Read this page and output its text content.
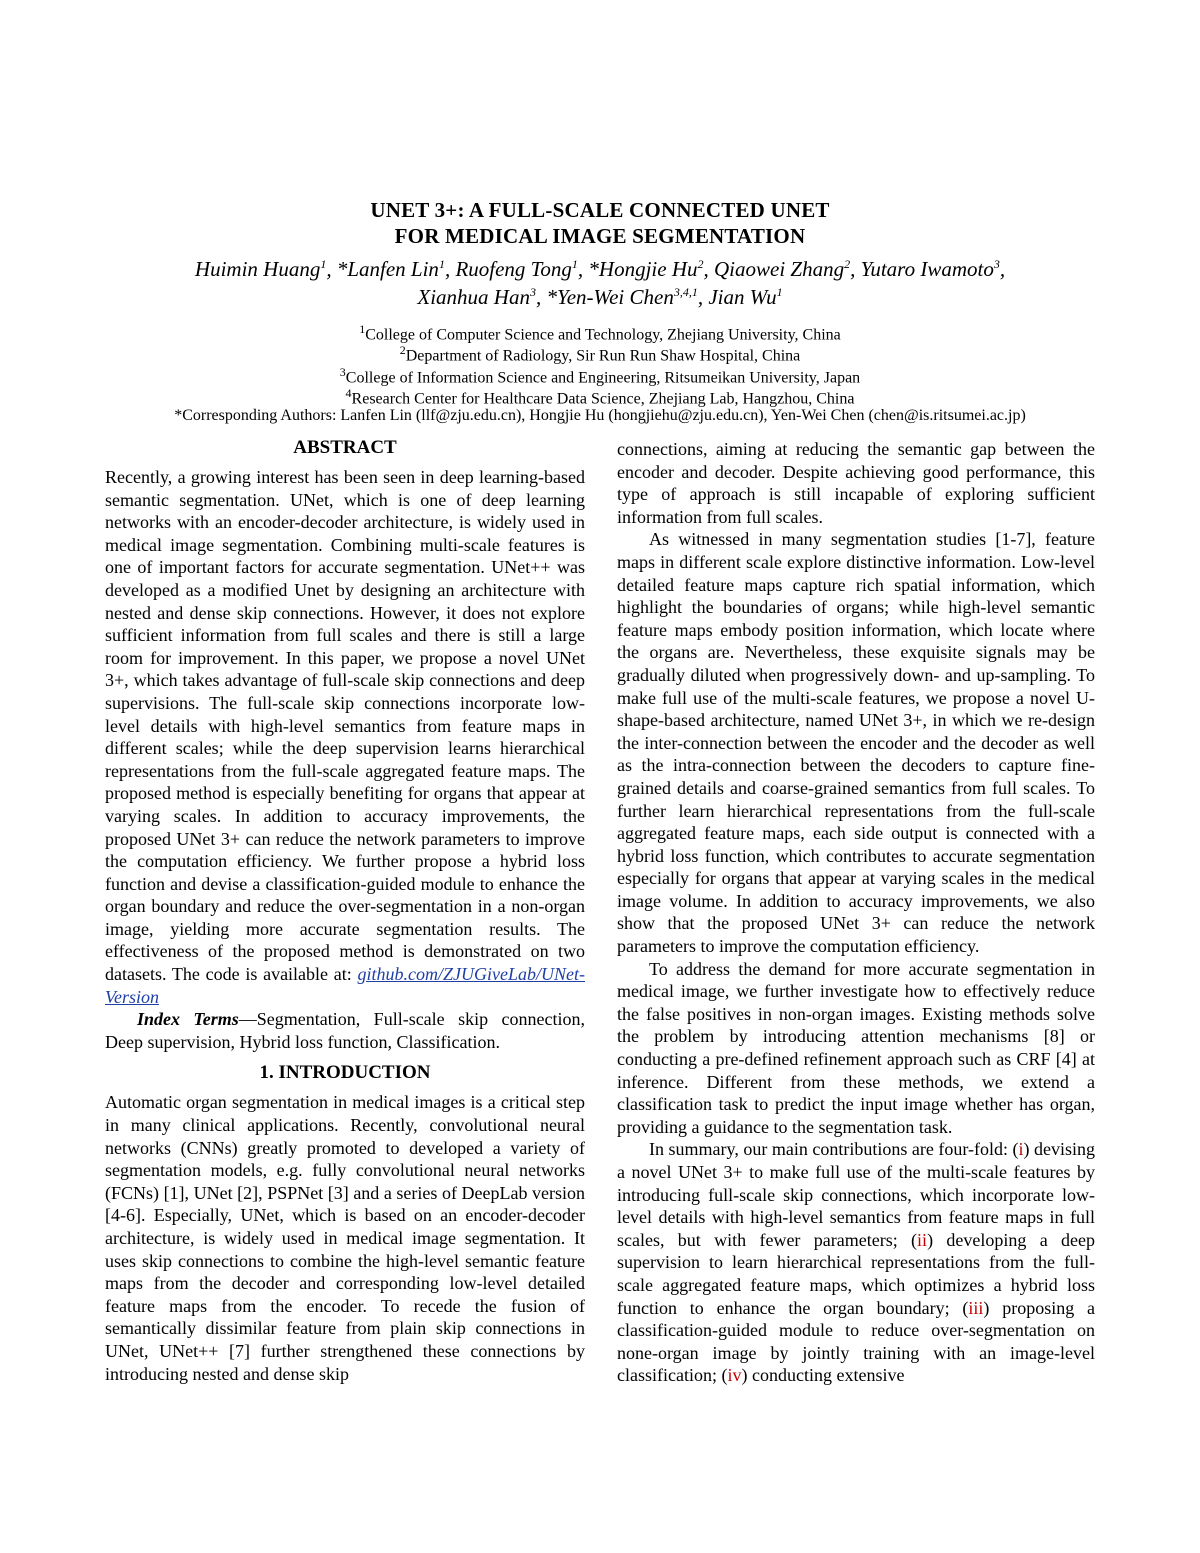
UNET 3+: A FULL-SCALE CONNECTED UNET
FOR MEDICAL IMAGE SEGMENTATION
Huimin Huang$^1$, *Lanfen Lin$^1$, Ruofeng Tong$^1$, *Hongjie Hu$^2$, Qiaowei Zhang$^2$, Yutaro Iwamoto$^3$,
Xianhua Han$^3$, *Yen-Wei Chen$^{3,4,1}$, Jian Wu$^1$
$^1$College of Computer Science and Technology, Zhejiang University, China
$^2$Department of Radiology, Sir Run Run Shaw Hospital, China
$^3$College of Information Science and Engineering, Ritsumeikan University, Japan
$^4$Research Center for Healthcare Data Science, Zhejiang Lab, Hangzhou, China
*Corresponding Authors: Lanfen Lin (llf@zju.edu.cn), Hongjie Hu (hongjiehu@zju.edu.cn), Yen-Wei Chen (chen@is.ritsumei.ac.jp)
ABSTRACT

Recently, a growing interest has been seen in deep learning-based semantic segmentation. UNet, which is one of deep learning networks with an encoder-decoder architecture, is widely used in medical image segmentation. Combining multi-scale features is one of important factors for accurate segmentation. UNet++ was developed as a modified Unet by designing an architecture with nested and dense skip connections. However, it does not explore sufficient information from full scales and there is still a large room for improvement. In this paper, we propose a novel UNet 3+, which takes advantage of full-scale skip connections and deep supervisions. The full-scale skip connections incorporate low-level details with high-level semantics from feature maps in different scales; while the deep supervision learns hierarchical representations from the full-scale aggregated feature maps. The proposed method is especially benefiting for organs that appear at varying scales. In addition to accuracy improvements, the proposed UNet 3+ can reduce the network parameters to improve the computation efficiency. We further propose a hybrid loss function and devise a classification-guided module to enhance the organ boundary and reduce the over-segmentation in a non-organ image, yielding more accurate segmentation results. The effectiveness of the proposed method is demonstrated on two datasets. The code is available at: github.com/ZJUGiveLab/UNet-Version

Index Terms—Segmentation, Full-scale skip connection, Deep supervision, Hybrid loss function, Classification.

1. INTRODUCTION

Automatic organ segmentation in medical images is a critical step in many clinical applications. Recently, convolutional neural networks (CNNs) greatly promoted to developed a variety of segmentation models, e.g. fully convolutional neural networks (FCNs) [1], UNet [2], PSPNet [3] and a series of DeepLab version [4-6]. Especially, UNet, which is based on an encoder-decoder architecture, is widely used in medical image segmentation. It uses skip connections to combine the high-level semantic feature maps from the decoder and corresponding low-level detailed feature maps from the encoder. To recede the fusion of semantically dissimilar feature from plain skip connections in UNet, UNet++ [7] further strengthened these connections by introducing nested and dense skip

connections, aiming at reducing the semantic gap between the encoder and decoder. Despite achieving good performance, this type of approach is still incapable of exploring sufficient information from full scales.

As witnessed in many segmentation studies [1-7], feature maps in different scale explore distinctive information. Low-level detailed feature maps capture rich spatial information, which highlight the boundaries of organs; while high-level semantic feature maps embody position information, which locate where the organs are. Nevertheless, these exquisite signals may be gradually diluted when progressively down- and up-sampling. To make full use of the multi-scale features, we propose a novel U-shape-based architecture, named UNet 3+, in which we re-design the inter-connection between the encoder and the decoder as well as the intra-connection between the decoders to capture fine-grained details and coarse-grained semantics from full scales. To further learn hierarchical representations from the full-scale aggregated feature maps, each side output is connected with a hybrid loss function, which contributes to accurate segmentation especially for organs that appear at varying scales in the medical image volume. In addition to accuracy improvements, we also show that the proposed UNet 3+ can reduce the network parameters to improve the computation efficiency.

To address the demand for more accurate segmentation in medical image, we further investigate how to effectively reduce the false positives in non-organ images. Existing methods solve the problem by introducing attention mechanisms [8] or conducting a pre-defined refinement approach such as CRF [4] at inference. Different from these methods, we extend a classification task to predict the input image whether has organ, providing a guidance to the segmentation task.

In summary, our main contributions are four-fold: (i) devising a novel UNet 3+ to make full use of the multi-scale features by introducing full-scale skip connections, which incorporate low-level details with high-level semantics from feature maps in full scales, but with fewer parameters; (ii) developing a deep supervision to learn hierarchical representations from the full-scale aggregated feature maps, which optimizes a hybrid loss function to enhance the organ boundary; (iii) proposing a classification-guided module to reduce over-segmentation on none-organ image by jointly training with an image-level classification; (iv) conducting extensive
